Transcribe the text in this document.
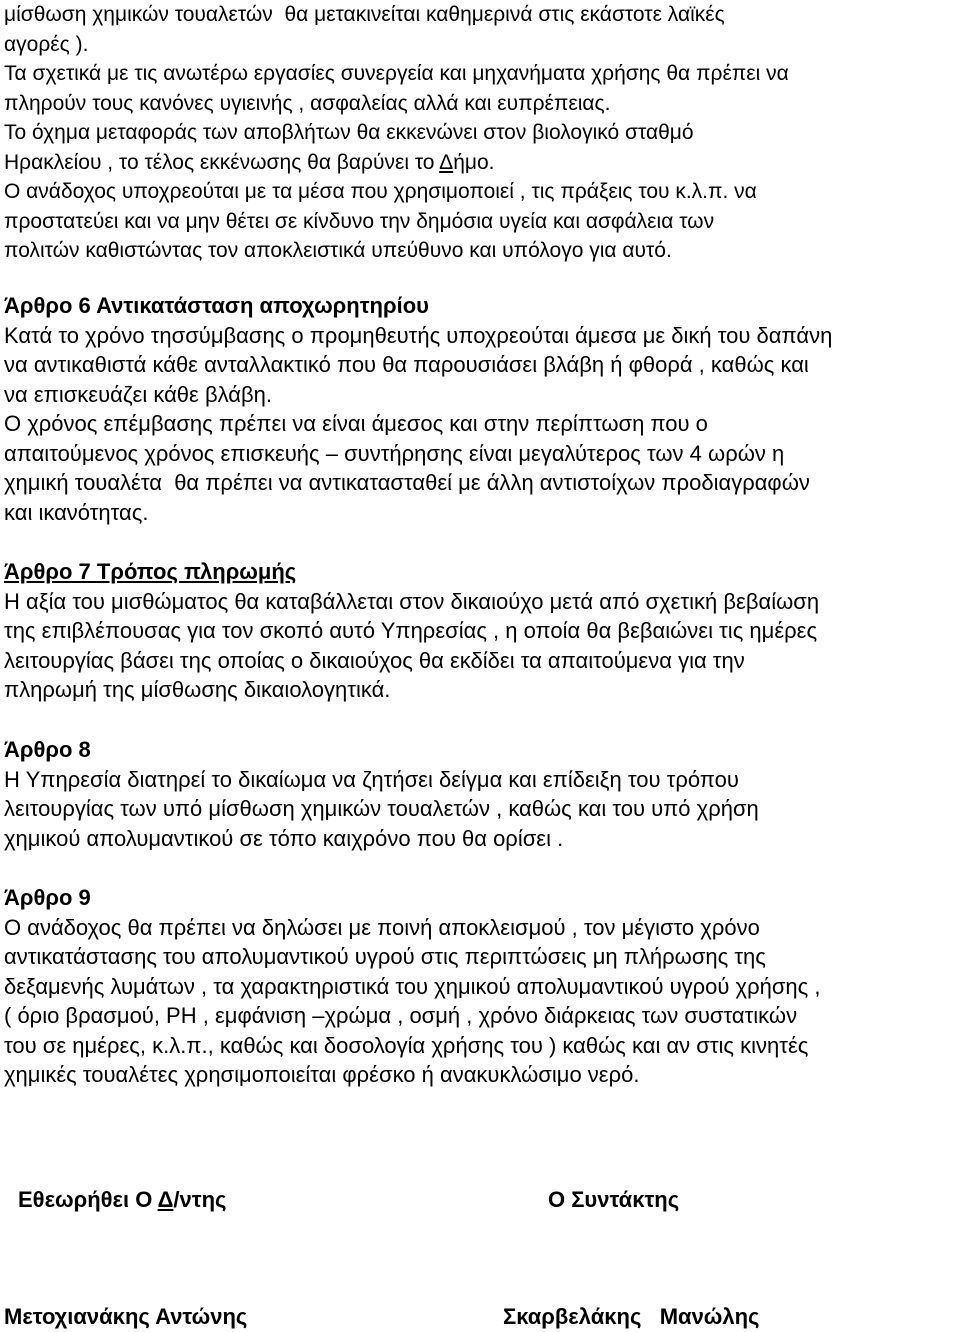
μίσθωση χημικών τουαλετών  θα μετακινείται καθημερινά στις εκάστοτε λαϊκές
αγορές ).
Τα σχετικά με τις ανωτέρω εργασίες συνεργεία και μηχανήματα χρήσης θα πρέπει να
πληρούν τους κανόνες υγιεινής , ασφαλείας αλλά και ευπρέπειας.
Το όχημα μεταφοράς των αποβλήτων θα εκκενώνει στον βιολογικό σταθμό
Ηρακλείου , το τέλος εκκένωσης θα βαρύνει το Δήμο.
Ο ανάδοχος υποχρεούται με τα μέσα που χρησιμοποιεί , τις πράξεις του κ.λ.π. να
προστατεύει και να μην θέτει σε κίνδυνο την δημόσια υγεία και ασφάλεια των
πολιτών καθιστώντας τον αποκλειστικά υπεύθυνο και υπόλογο για αυτό.
Άρθρο 6 Αντικατάσταση αποχωρητηρίου
Κατά το χρόνο τησσύμβασης ο προμηθευτής υποχρεούται άμεσα με δική του δαπάνη
να αντικαθιστά κάθε ανταλλακτικό που θα παρουσιάσει βλάβη ή φθορά , καθώς και
να επισκευάζει κάθε βλάβη.
Ο χρόνος επέμβασης πρέπει να είναι άμεσος και στην περίπτωση που ο
απαιτούμενος χρόνος επισκευής – συντήρησης είναι μεγαλύτερος των 4 ωρών η
χημική τουαλέτα  θα πρέπει να αντικατασταθεί με άλλη αντιστοίχων προδιαγραφών
και ικανότητας.
Άρθρο 7 Τρόπος πληρωμής
Η αξία του μισθώματος θα καταβάλλεται στον δικαιούχο μετά από σχετική βεβαίωση
της επιβλέπουσας για τον σκοπό αυτό Υπηρεσίας , η οποία θα βεβαιώνει τις ημέρες
λειτουργίας βάσει της οποίας ο δικαιούχος θα εκδίδει τα απαιτούμενα για την
πληρωμή της μίσθωσης δικαιολογητικά.
Άρθρο 8
Η Υπηρεσία διατηρεί το δικαίωμα να ζητήσει δείγμα και επίδειξη του τρόπου
λειτουργίας των υπό μίσθωση χημικών τουαλετών , καθώς και του υπό χρήση
χημικού απολυμαντικού σε τόπο καιχρόνο που θα ορίσει .
Άρθρο 9
Ο ανάδοχος θα πρέπει να δηλώσει με ποινή αποκλεισμού , τον μέγιστο χρόνο
αντικατάστασης του απολυμαντικού υγρού στις περιπτώσεις μη πλήρωσης της
δεξαμενής λυμάτων , τα χαρακτηριστικά του χημικού απολυμαντικού υγρού χρήσης ,
( όριο βρασμού, PH , εμφάνιση –χρώμα , οσμή , χρόνο διάρκειας των συστατικών
του σε ημέρες, κ.λ.π., καθώς και δοσολογία χρήσης του ) καθώς και αν στις κινητές
χημικές τουαλέτες χρησιμοποιείται φρέσκο ή ανακυκλώσιμο νερό.
Εθεωρήθει Ο Δ/ντης	Ο Συντάκτης
Μετοχιανάκης Αντώνης	Σκαρβελάκης   Μανώλης
